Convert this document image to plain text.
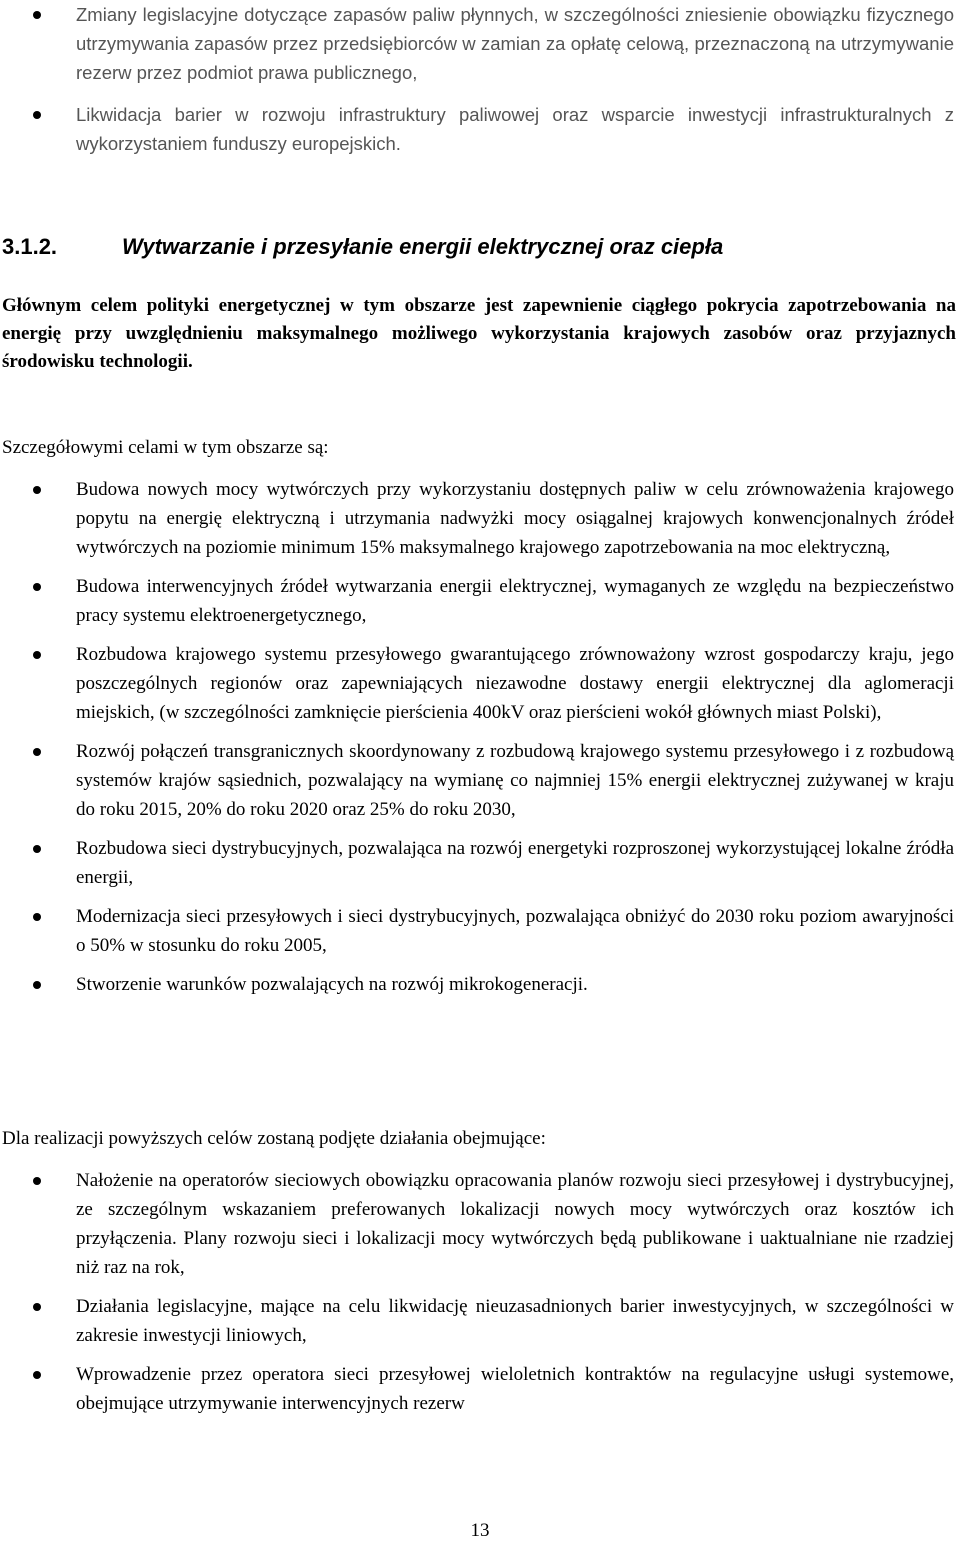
Zmiany legislacyjne dotyczące zapasów paliw płynnych, w szczególności zniesienie obowiązku fizycznego utrzymywania zapasów przez przedsiębiorców w zamian za opłatę celową, przeznaczoną na utrzymywanie rezerw przez podmiot prawa publicznego,
Likwidacja barier w rozwoju infrastruktury paliwowej oraz wsparcie inwestycji infrastrukturalnych z wykorzystaniem funduszy europejskich.
3.1.2.	Wytwarzanie i przesyłanie energii elektrycznej oraz ciepła
Głównym celem polityki energetycznej w tym obszarze jest zapewnienie ciągłego pokrycia zapotrzebowania na energię przy uwzględnieniu maksymalnego możliwego wykorzystania krajowych zasobów oraz przyjaznych środowisku technologii.
Szczegółowymi celami w tym obszarze są:
Budowa nowych mocy wytwórczych przy wykorzystaniu dostępnych paliw w celu zrównoważenia krajowego popytu na energię elektryczną i utrzymania nadwyżki mocy osiągalnej krajowych konwencjonalnych źródeł wytwórczych na poziomie minimum 15% maksymalnego krajowego zapotrzebowania na moc elektryczną,
Budowa interwencyjnych źródeł wytwarzania energii elektrycznej, wymaganych ze względu na bezpieczeństwo pracy systemu elektroenergetycznego,
Rozbudowa krajowego systemu przesyłowego gwarantującego zrównoważony wzrost gospodarczy kraju, jego poszczególnych regionów oraz zapewniających niezawodne dostawy energii elektrycznej dla aglomeracji miejskich, (w szczególności zamknięcie pierścienia 400kV oraz pierścieni wokół głównych miast Polski),
Rozwój połączeń transgranicznych skoordynowany z rozbudową krajowego systemu przesyłowego i z rozbudową systemów krajów sąsiednich, pozwalający na wymianę co najmniej 15% energii elektrycznej zużywanej w kraju do roku 2015, 20% do roku 2020 oraz 25% do roku 2030,
Rozbudowa sieci dystrybucyjnych, pozwalająca na rozwój energetyki rozproszonej wykorzystującej lokalne źródła energii,
Modernizacja sieci przesyłowych i sieci dystrybucyjnych, pozwalająca obniżyć do 2030 roku poziom awaryjności o 50% w stosunku do roku 2005,
Stworzenie warunków pozwalających na rozwój mikrokogeneracji.
Dla realizacji powyższych celów zostaną podjęte działania obejmujące:
Nałożenie na operatorów sieciowych obowiązku opracowania planów rozwoju sieci przesyłowej i dystrybucyjnej, ze szczególnym wskazaniem preferowanych lokalizacji nowych mocy wytwórczych oraz kosztów ich przyłączenia. Plany rozwoju sieci i lokalizacji mocy wytwórczych będą publikowane i uaktualniane nie rzadziej niż raz na rok,
Działania legislacyjne, mające na celu likwidację nieuzasadnionych barier inwestycyjnych, w szczególności w zakresie inwestycji liniowych,
Wprowadzenie przez operatora sieci przesyłowej wieloletnich kontraktów na regulacyjne usługi systemowe, obejmujące utrzymywanie interwencyjnych rezerw
13
